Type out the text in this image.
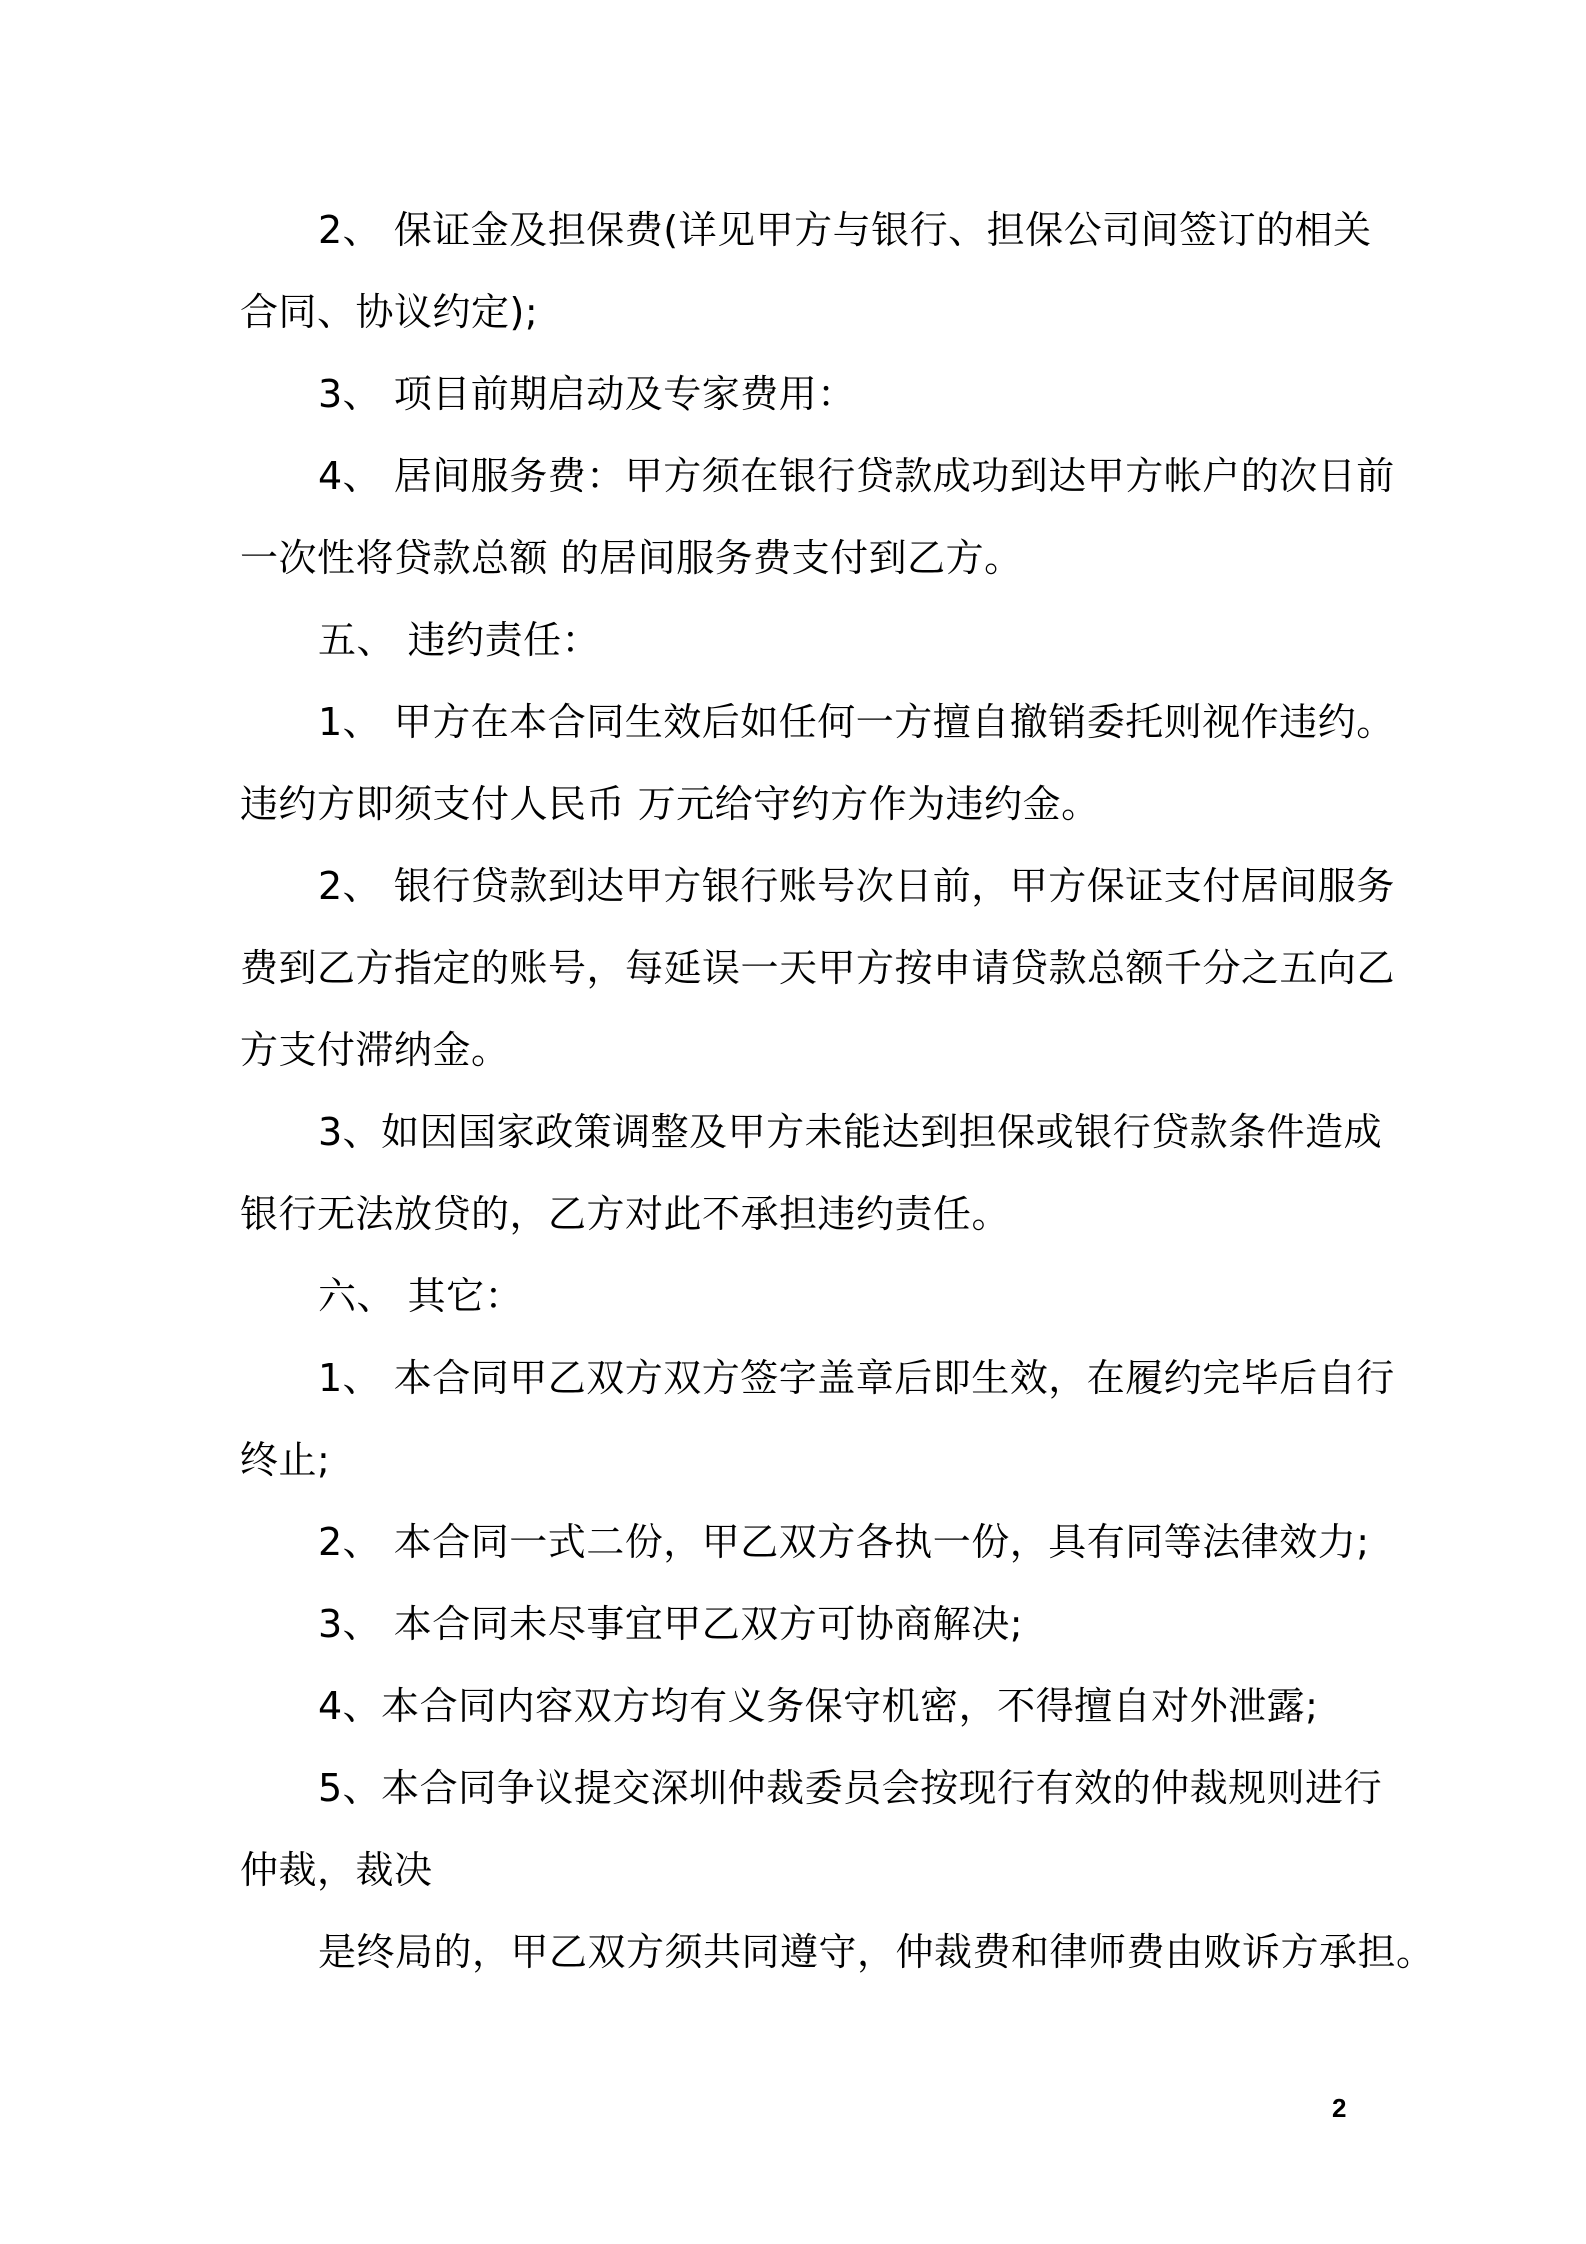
2、 保证金及担保费(详见甲方与银行、担保公司间签订的相关
合同、协议约定);
3、 项目前期启动及专家费用：
4、 居间服务费：甲方须在银行贷款成功到达甲方帐户的次日前
一次性将贷款总额 的居间服务费支付到乙方。
五、 违约责任：
1、 甲方在本合同生效后如任何一方擅自撤销委托则视作违约。
违约方即须支付人民币 万元给守约方作为违约金。
2、 银行贷款到达甲方银行账号次日前，甲方保证支付居间服务
费到乙方指定的账号，每延误一天甲方按申请贷款总额千分之五向乙
方支付滞纳金。
3、如因国家政策调整及甲方未能达到担保或银行贷款条件造成
银行无法放贷的，乙方对此不承担违约责任。
六、 其它：
1、 本合同甲乙双方双方签字盖章后即生效，在履约完毕后自行
终止;
2、 本合同一式二份，甲乙双方各执一份，具有同等法律效力;
3、 本合同未尽事宜甲乙双方可协商解决;
4、本合同内容双方均有义务保守机密，不得擅自对外泄露;
5、本合同争议提交深圳仲裁委员会按现行有效的仲裁规则进行
仲裁，裁决
是终局的，甲乙双方须共同遵守，仲裁费和律师费由败诉方承担。
2
